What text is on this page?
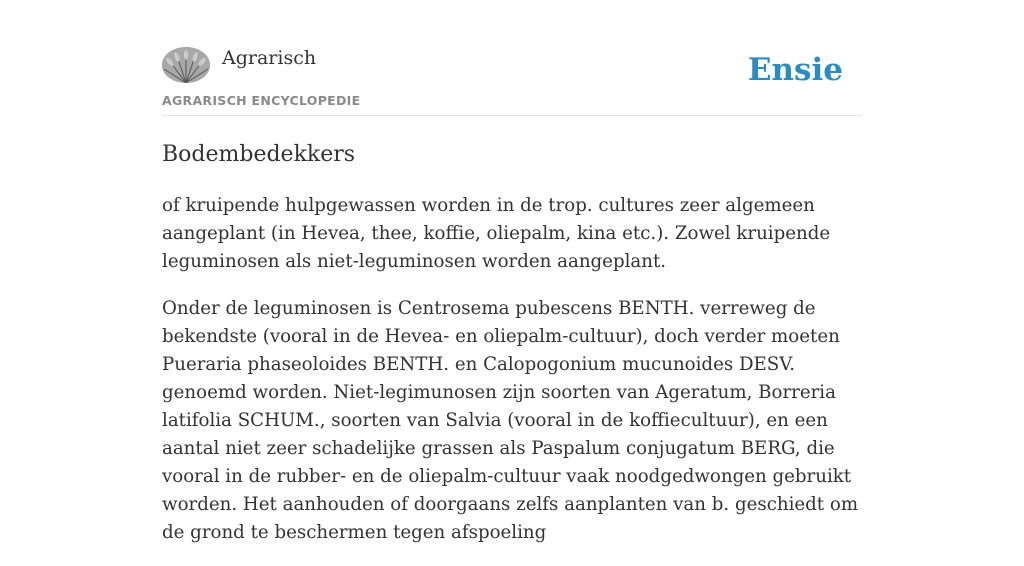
Agrarisch
AGRARISCH ENCYCLOPEDIE
Ensie
Bodembedekkers

of kruipende hulpgewassen worden in de trop. cultures zeer algemeen aangeplant (in Hevea, thee, koffie, oliepalm, kina etc.). Zowel kruipende leguminosen als niet-leguminosen worden aangeplant.

Onder de leguminosen is Centrosema pubescens BENTH. verreweg de bekendste (vooral in de Hevea- en oliepalm-cultuur), doch verder moeten Pueraria phaseoloides BENTH. en Calopogonium mucunoides DESV. genoemd worden. Niet-legimunosen zijn soorten van Ageratum, Borreria latifolia SCHUM., soorten van Salvia (vooral in de koffiecultuur), en een aantal niet zeer schadelijke grassen als Paspalum conjugatum BERG, die vooral in de rubber- en de oliepalm-cultuur vaak noodgedwongen gebruikt worden. Het aanhouden of doorgaans zelfs aanplanten van b. geschiedt om de grond te beschermen tegen afspoeling
